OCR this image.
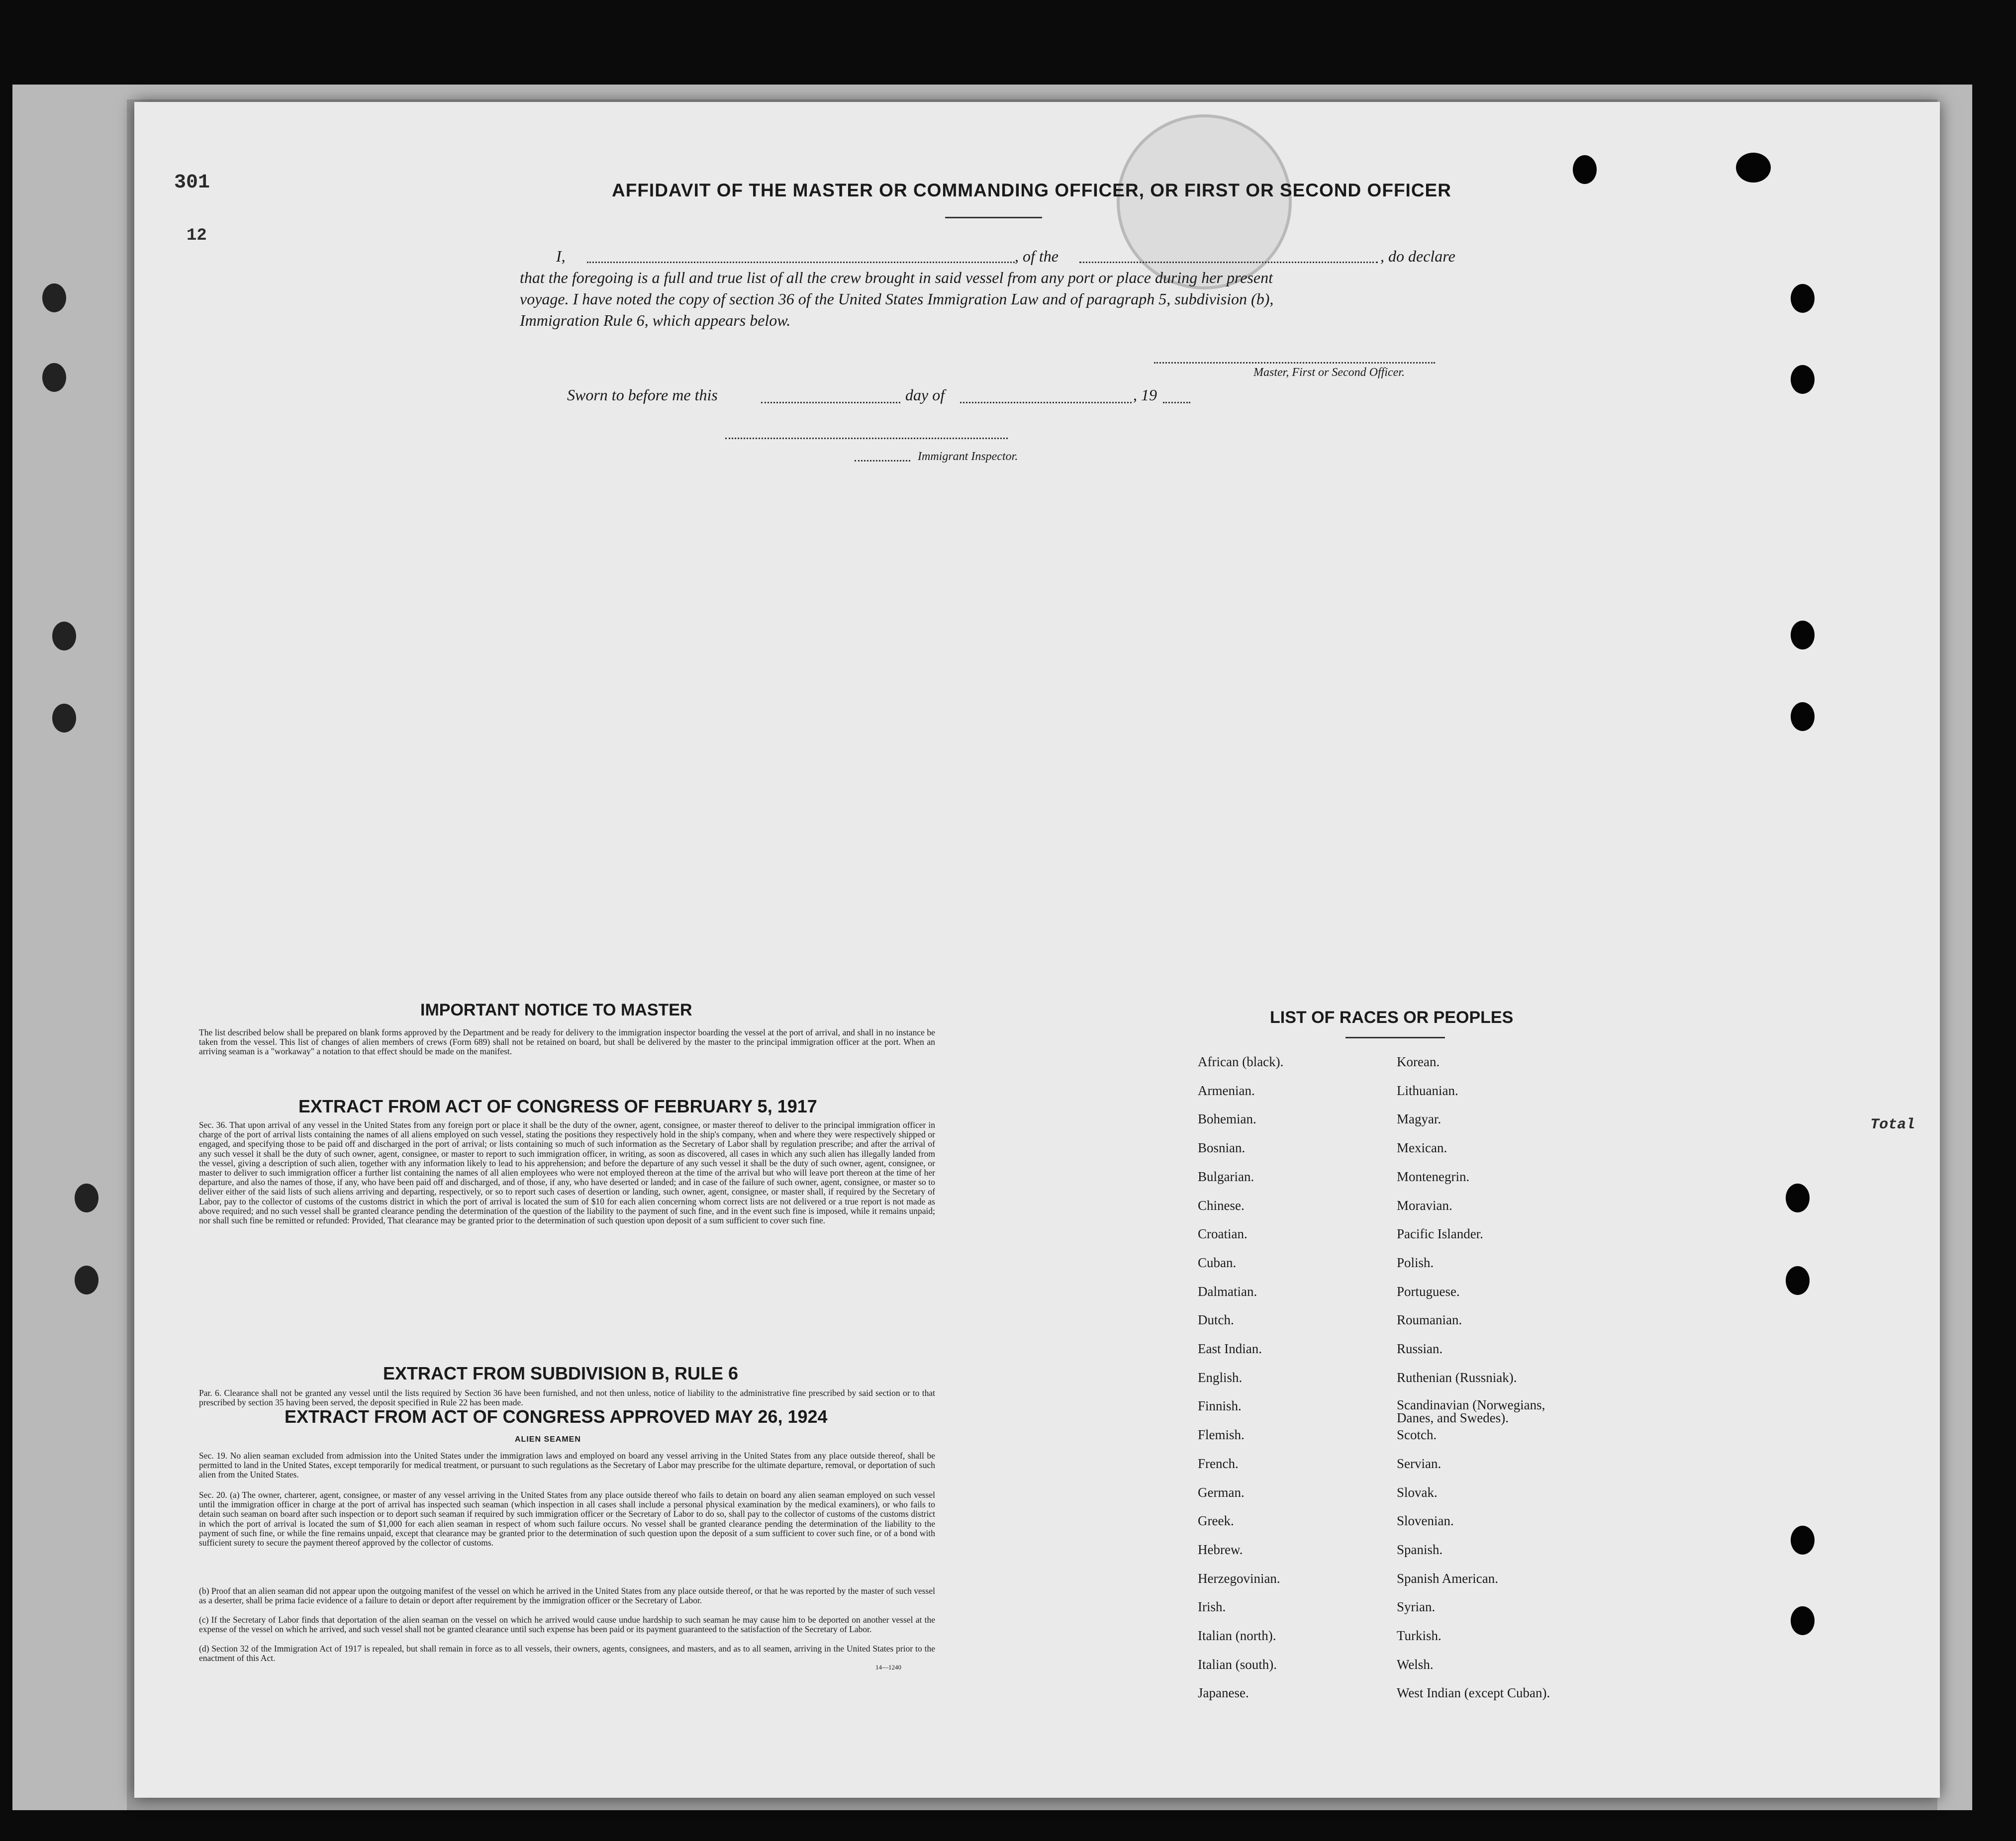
301
12
Total
AFFIDAVIT OF THE MASTER OR COMMANDING OFFICER, OR FIRST OR SECOND OFFICER
I,	, of the	, do declare
that the foregoing is a full and true list of all the crew brought in said vessel from any port or place during her present
voyage. I have noted the copy of section 36 of the United States Immigration Law and of paragraph 5, subdivision (b),
Immigration Rule 6, which appears below.
Master, First or Second Officer.
Sworn to before me this	day of	, 19
Immigrant Inspector.
IMPORTANT NOTICE TO MASTER
The list described below shall be prepared on blank forms approved by the Department and be ready for delivery to the immigration inspector boarding the vessel at the port of arrival, and shall in no instance be taken from the vessel. This list of changes of alien members of crews (Form 689) shall not be retained on board, but shall be delivered by the master to the principal immigration officer at the port. When an arriving seaman is a "workaway" a notation to that effect should be made on the manifest.
EXTRACT FROM ACT OF CONGRESS OF FEBRUARY 5, 1917
Sec. 36. That upon arrival of any vessel in the United States from any foreign port or place it shall be the duty of the owner, agent, consignee, or master thereof to deliver to the principal immigration officer in charge of the port of arrival lists containing the names of all aliens employed on such vessel, stating the positions they respectively hold in the ship's company, when and where they were respectively shipped or engaged, and specifying those to be paid off and discharged in the port of arrival; or lists containing so much of such information as the Secretary of Labor shall by regulation prescribe; and after the arrival of any such vessel it shall be the duty of such owner, agent, consignee, or master to report to such immigration officer, in writing, as soon as discovered, all cases in which any such alien has illegally landed from the vessel, giving a description of such alien, together with any information likely to lead to his apprehension; and before the departure of any such vessel it shall be the duty of such owner, agent, consignee, or master to deliver to such immigration officer a further list containing the names of all alien employees who were not employed thereon at the time of the arrival but who will leave port thereon at the time of her departure, and also the names of those, if any, who have been paid off and discharged, and of those, if any, who have deserted or landed; and in case of the failure of such owner, agent, consignee, or master so to deliver either of the said lists of such aliens arriving and departing, respectively, or so to report such cases of desertion or landing, such owner, agent, consignee, or master shall, if required by the Secretary of Labor, pay to the collector of customs of the customs district in which the port of arrival is located the sum of $10 for each alien concerning whom correct lists are not delivered or a true report is not made as above required; and no such vessel shall be granted clearance pending the determination of the question of the liability to the payment of such fine, and in the event such fine is imposed, while it remains unpaid; nor shall such fine be remitted or refunded: Provided, That clearance may be granted prior to the determination of such question upon deposit of a sum sufficient to cover such fine.
EXTRACT FROM SUBDIVISION B, RULE 6
Par. 6. Clearance shall not be granted any vessel until the lists required by Section 36 have been furnished, and not then unless, notice of liability to the administrative fine prescribed by said section or to that prescribed by section 35 having been served, the deposit specified in Rule 22 has been made.
EXTRACT FROM ACT OF CONGRESS APPROVED MAY 26, 1924
ALIEN SEAMEN
Sec. 19. No alien seaman excluded from admission into the United States under the immigration laws and employed on board any vessel arriving in the United States from any place outside thereof, shall be permitted to land in the United States, except temporarily for medical treatment, or pursuant to such regulations as the Secretary of Labor may prescribe for the ultimate departure, removal, or deportation of such alien from the United States.
Sec. 20. (a) The owner, charterer, agent, consignee, or master of any vessel arriving in the United States from any place outside thereof who fails to detain on board any alien seaman employed on such vessel until the immigration officer in charge at the port of arrival has inspected such seaman (which inspection in all cases shall include a personal physical examination by the medical examiners), or who fails to detain such seaman on board after such inspection or to deport such seaman if required by such immigration officer or the Secretary of Labor to do so, shall pay to the collector of customs of the customs district in which the port of arrival is located the sum of $1,000 for each alien seaman in respect of whom such failure occurs. No vessel shall be granted clearance pending the determination of the liability to the payment of such fine, or while the fine remains unpaid, except that clearance may be granted prior to the determination of such question upon the deposit of a sum sufficient to cover such fine, or of a bond with sufficient surety to secure the payment thereof approved by the collector of customs.
(b) Proof that an alien seaman did not appear upon the outgoing manifest of the vessel on which he arrived in the United States from any place outside thereof, or that he was reported by the master of such vessel as a deserter, shall be prima facie evidence of a failure to detain or deport after requirement by the immigration officer or the Secretary of Labor.
(c) If the Secretary of Labor finds that deportation of the alien seaman on the vessel on which he arrived would cause undue hardship to such seaman he may cause him to be deported on another vessel at the expense of the vessel on which he arrived, and such vessel shall not be granted clearance until such expense has been paid or its payment guaranteed to the satisfaction of the Secretary of Labor.
(d) Section 32 of the Immigration Act of 1917 is repealed, but shall remain in force as to all vessels, their owners, agents, consignees, and masters, and as to all seamen, arriving in the United States prior to the enactment of this Act.
14—1240
LIST OF RACES OR PEOPLES
African (black).
Armenian.
Bohemian.
Bosnian.
Bulgarian.
Chinese.
Croatian.
Cuban.
Dalmatian.
Dutch.
East Indian.
English.
Finnish.
Flemish.
French.
German.
Greek.
Hebrew.
Herzegovinian.
Irish.
Italian (north).
Italian (south).
Japanese.
Korean.
Lithuanian.
Magyar.
Mexican.
Montenegrin.
Moravian.
Pacific Islander.
Polish.
Portuguese.
Roumanian.
Russian.
Ruthenian (Russniak).
Scandinavian (Norwegians, Danes, and Swedes).
Scotch.
Servian.
Slovak.
Slovenian.
Spanish.
Spanish American.
Syrian.
Turkish.
Welsh.
West Indian (except Cuban).
